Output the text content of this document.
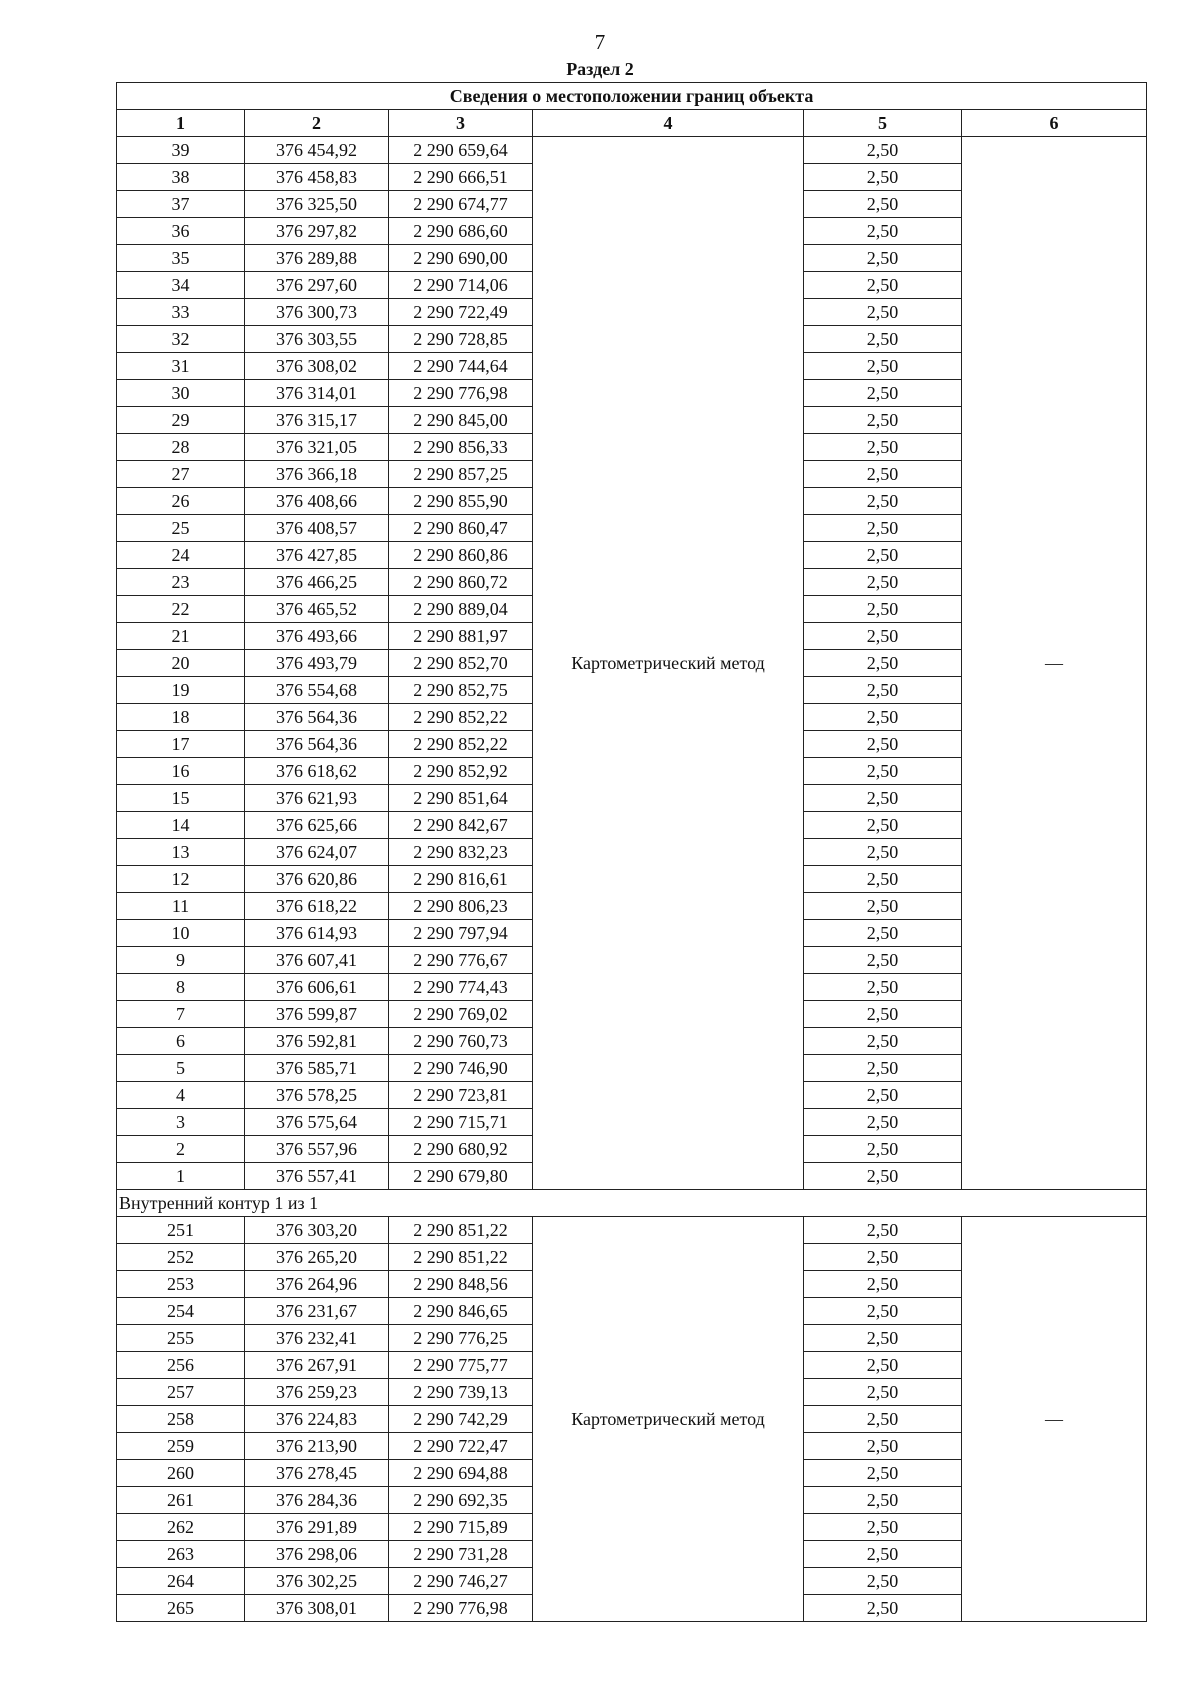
7
Раздел 2
Сведения о местоположении границ объекта					
1	2	3	4	5	6
39	376 454,92	2 290 659,64	Картометрический метод	2,50	—
38	376 458,83	2 290 666,51		2,50	
37	376 325,50	2 290 674,77		2,50	
36	376 297,82	2 290 686,60		2,50	
35	376 289,88	2 290 690,00		2,50	
34	376 297,60	2 290 714,06		2,50	
33	376 300,73	2 290 722,49		2,50	
32	376 303,55	2 290 728,85		2,50	
31	376 308,02	2 290 744,64		2,50	
30	376 314,01	2 290 776,98		2,50	
29	376 315,17	2 290 845,00		2,50	
28	376 321,05	2 290 856,33		2,50	
27	376 366,18	2 290 857,25		2,50	
26	376 408,66	2 290 855,90		2,50	
25	376 408,57	2 290 860,47		2,50	
24	376 427,85	2 290 860,86		2,50	
23	376 466,25	2 290 860,72		2,50	
22	376 465,52	2 290 889,04		2,50	
21	376 493,66	2 290 881,97		2,50	
20	376 493,79	2 290 852,70		2,50	
19	376 554,68	2 290 852,75		2,50	
18	376 564,36	2 290 852,22		2,50	
17	376 564,36	2 290 852,22		2,50	
16	376 618,62	2 290 852,92		2,50	
15	376 621,93	2 290 851,64		2,50	
14	376 625,66	2 290 842,67		2,50	
13	376 624,07	2 290 832,23		2,50	
12	376 620,86	2 290 816,61		2,50	
11	376 618,22	2 290 806,23		2,50	
10	376 614,93	2 290 797,94		2,50	
9	376 607,41	2 290 776,67		2,50	
8	376 606,61	2 290 774,43		2,50	
7	376 599,87	2 290 769,02		2,50	
6	376 592,81	2 290 760,73		2,50	
5	376 585,71	2 290 746,90		2,50	
4	376 578,25	2 290 723,81		2,50	
3	376 575,64	2 290 715,71		2,50	
2	376 557,96	2 290 680,92		2,50	
1	376 557,41	2 290 679,80		2,50	
Внутренний контур 1 из 1					
251	376 303,20	2 290 851,22	Картометрический метод	2,50	—
252	376 265,20	2 290 851,22		2,50	
253	376 264,96	2 290 848,56		2,50	
254	376 231,67	2 290 846,65		2,50	
255	376 232,41	2 290 776,25		2,50	
256	376 267,91	2 290 775,77		2,50	
257	376 259,23	2 290 739,13		2,50	
258	376 224,83	2 290 742,29		2,50	
259	376 213,90	2 290 722,47		2,50	
260	376 278,45	2 290 694,88		2,50	
261	376 284,36	2 290 692,35		2,50	
262	376 291,89	2 290 715,89		2,50	
263	376 298,06	2 290 731,28		2,50	
264	376 302,25	2 290 746,27		2,50	
265	376 308,01	2 290 776,98		2,50	
